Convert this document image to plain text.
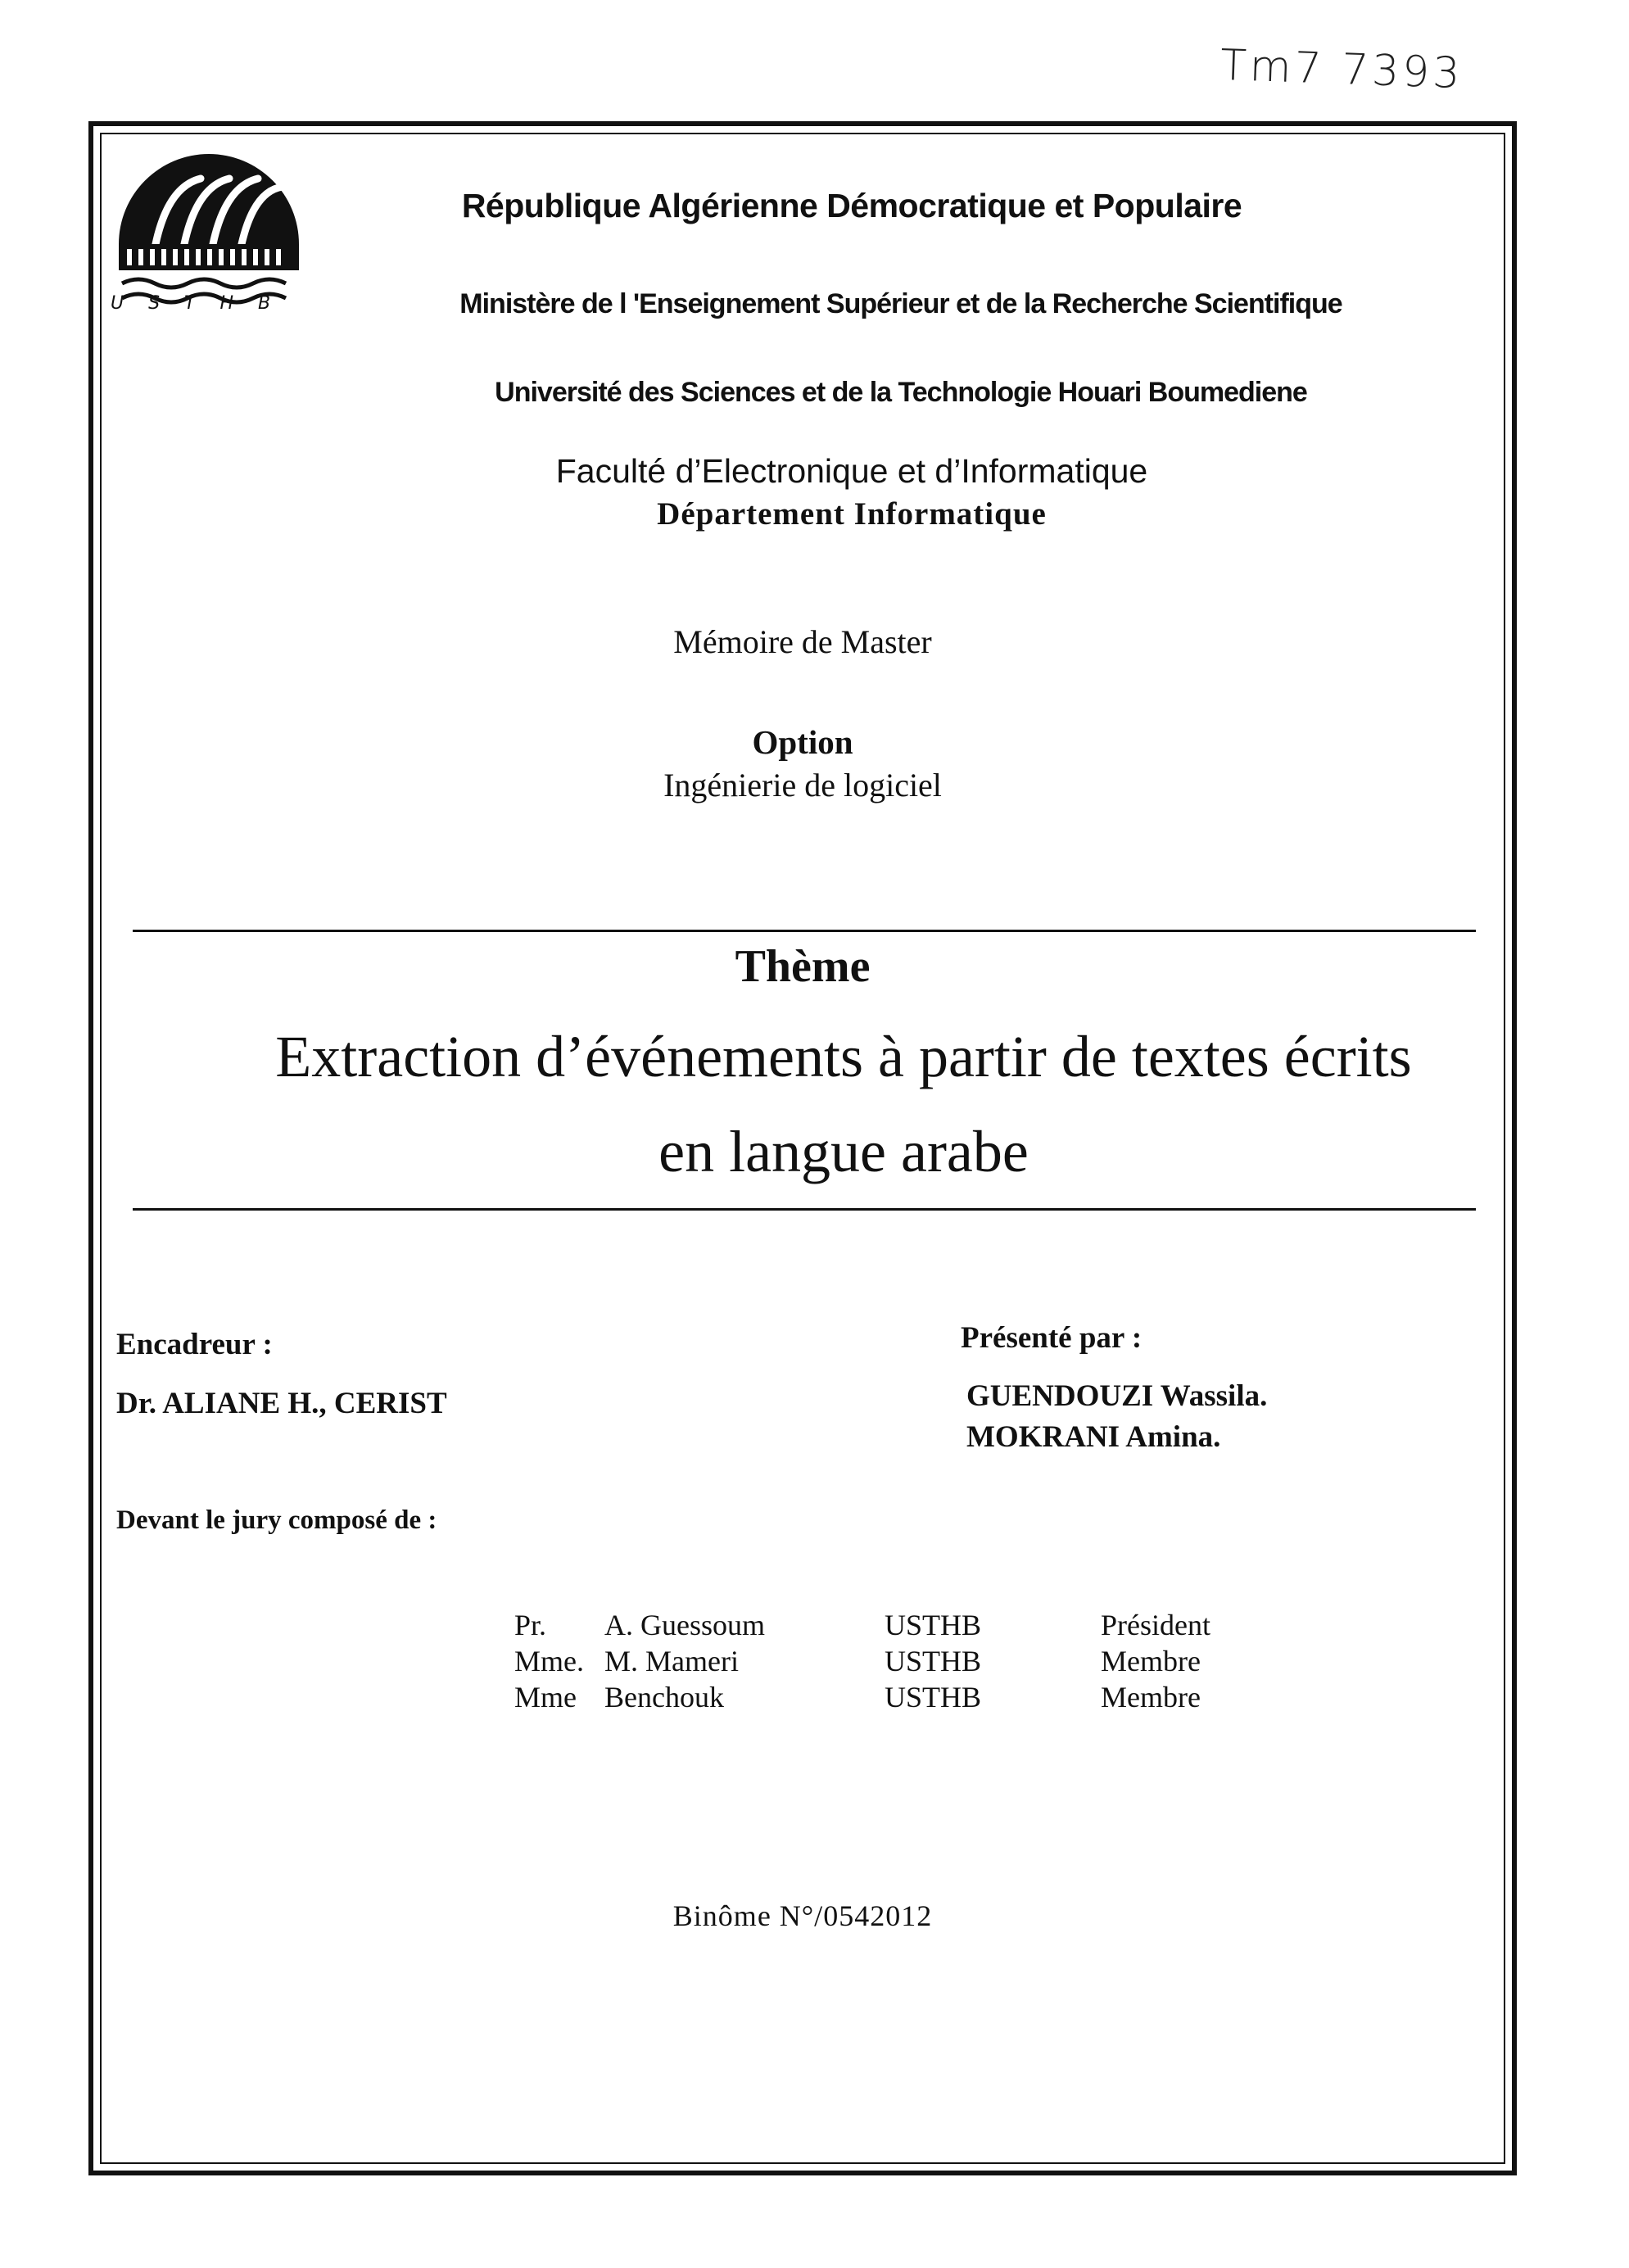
Tm7 7393
USTHB
République Algérienne Démocratique et Populaire
Ministère de l 'Enseignement Supérieur et de la Recherche Scientifique
Université des Sciences et de la Technologie Houari Boumediene
Faculté d’Electronique et d’Informatique
Département Informatique
Mémoire de Master
Option
Ingénierie de logiciel
Thème
Extraction d’événements à partir de textes écrits
en langue arabe
Encadreur :
Dr. ALIANE H., CERIST
Présenté par :
GUENDOUZI Wassila.
MOKRANI Amina.
Devant le jury composé de :
Pr. A. Guessoum	USTHB	Président
Mme. M. Mameri	USTHB	Membre
Mme Benchouk	USTHB	Membre
Binôme N°/0542012
